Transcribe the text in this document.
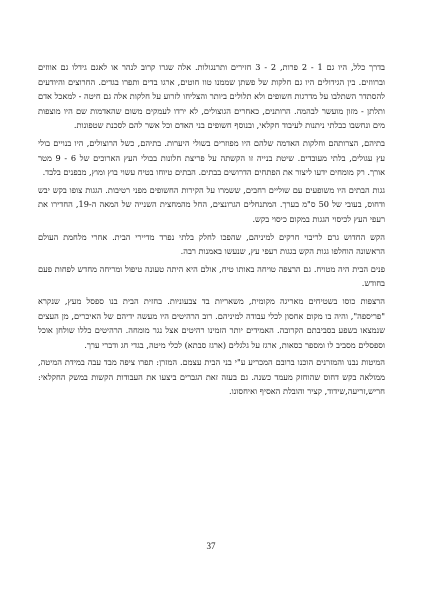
בדרך כלל, היו גם 1 - 2 פרות, 2 - 3 חזירים ותרנגולות. אלה שגרו קרוב לנהר או לאגם גידלו גם אווזים וברווזים. בין הגידולים היו גם חלקות של פשתן שממנו טוו חוטים, ארגו בדים ותפרו בגדים. החרוצים והיודעים להסתדר השתלבו על מדרגות חשופים ולא תלולים ביותר והצליחו לזרוע על חלקות אלה גם חיטה - למאכל אדם ותלתן - מזון מועשר לבהמה. הרותנים, כאחרים הגוצולים, לא ירדו לעמקים משום שהאדמות שם היו מוצפות מים ונחשבו כבלתי ניתנות לעיבוד חקלאי, ובנוסף חשופים בני האדם וכל אשר להם לסכנת שטפונות.

בתיהם, הצרותהם וחלקות האדמה שלהם היו מפוזרים בשולי היערות. בתיהם, כשל הרוצולים, היו בנויים בולי עץ עגולים, בלתי מעובדים. שיטת בנייה זו הקשתה על פריצת חלונות בבולי העץ הארוכים של 6 - 9 מטר אורך. רק מומחים ידעו ליצור את הפתחים הדרושים בבתים. הבתים טיוחו בטיח עשוי בוץ ומוץ, מבפנים בלבד.

גגות הבתים היו משופעים עם שוליים רחבים, ששמרו על הקירות החשופים מפני רטיבות. הגגות צופו בקש יבש ודחוס, בעובי של 50 ס"מ בערך. המתנחלים הגרונצים, החל מהמחצית השנייה של המאה ה-19, החדירו את רעפי העץ לכיסוי הגגות במקום כיסוי בקש.

הקש החדוש גרם לריבוי חרקים למיניהם, שהפכו לחלק בלתי נפרד מדיירי הבית. אחרי מלחמת העולם הראשונה הוחלפו גגות הקש בגגות רעפי עץ, שנעשו באמנות רבה.

פנים הבית היה מטויח. גם הרצפה טויחה באותו טיח, אולם היא היתה טעונה טיפול ומריחה מחדש לפחות פעם בחודש.

הרצפות כוסו בשטיחים מאריגה מקומית, משאריות בד צבעוניות. בחזית הבית בנו ספסל מעץ, שנקרא "פריספה", והיה בו מקום אחסון לכלי עבודה למיניהם. רוב הרהיטים היו מעשה ידיהם של האיכרים, מן העצים שנמצאו בשפע בסביבתם הקרובה. האמידים יותר הזמינו רהיטים אצל נגר מומחה. הרהיטים כללו שולחן אוכל וספסלים מסביב לו ומספר כסאות, ארגז על גלגלים (ארגז סבתא) לכלי מיטה, בגדי חג ודברי ערך.

המיטות נבנו והמזרנים הוכנו ברובם המכריע ע"י בני הבית עצמם. המזרן: תפרו ציפה מבד עבה במידת המיטה, ממולאה בקש דחוס שהוחזק מעמד כשנה. גם בעזה זאת הגברים ביצעו את העבודות הקשות במשק החקלאי: חריש,זריעה,שידוד, קציר והובלת האסיף ואיחסונו.

37
